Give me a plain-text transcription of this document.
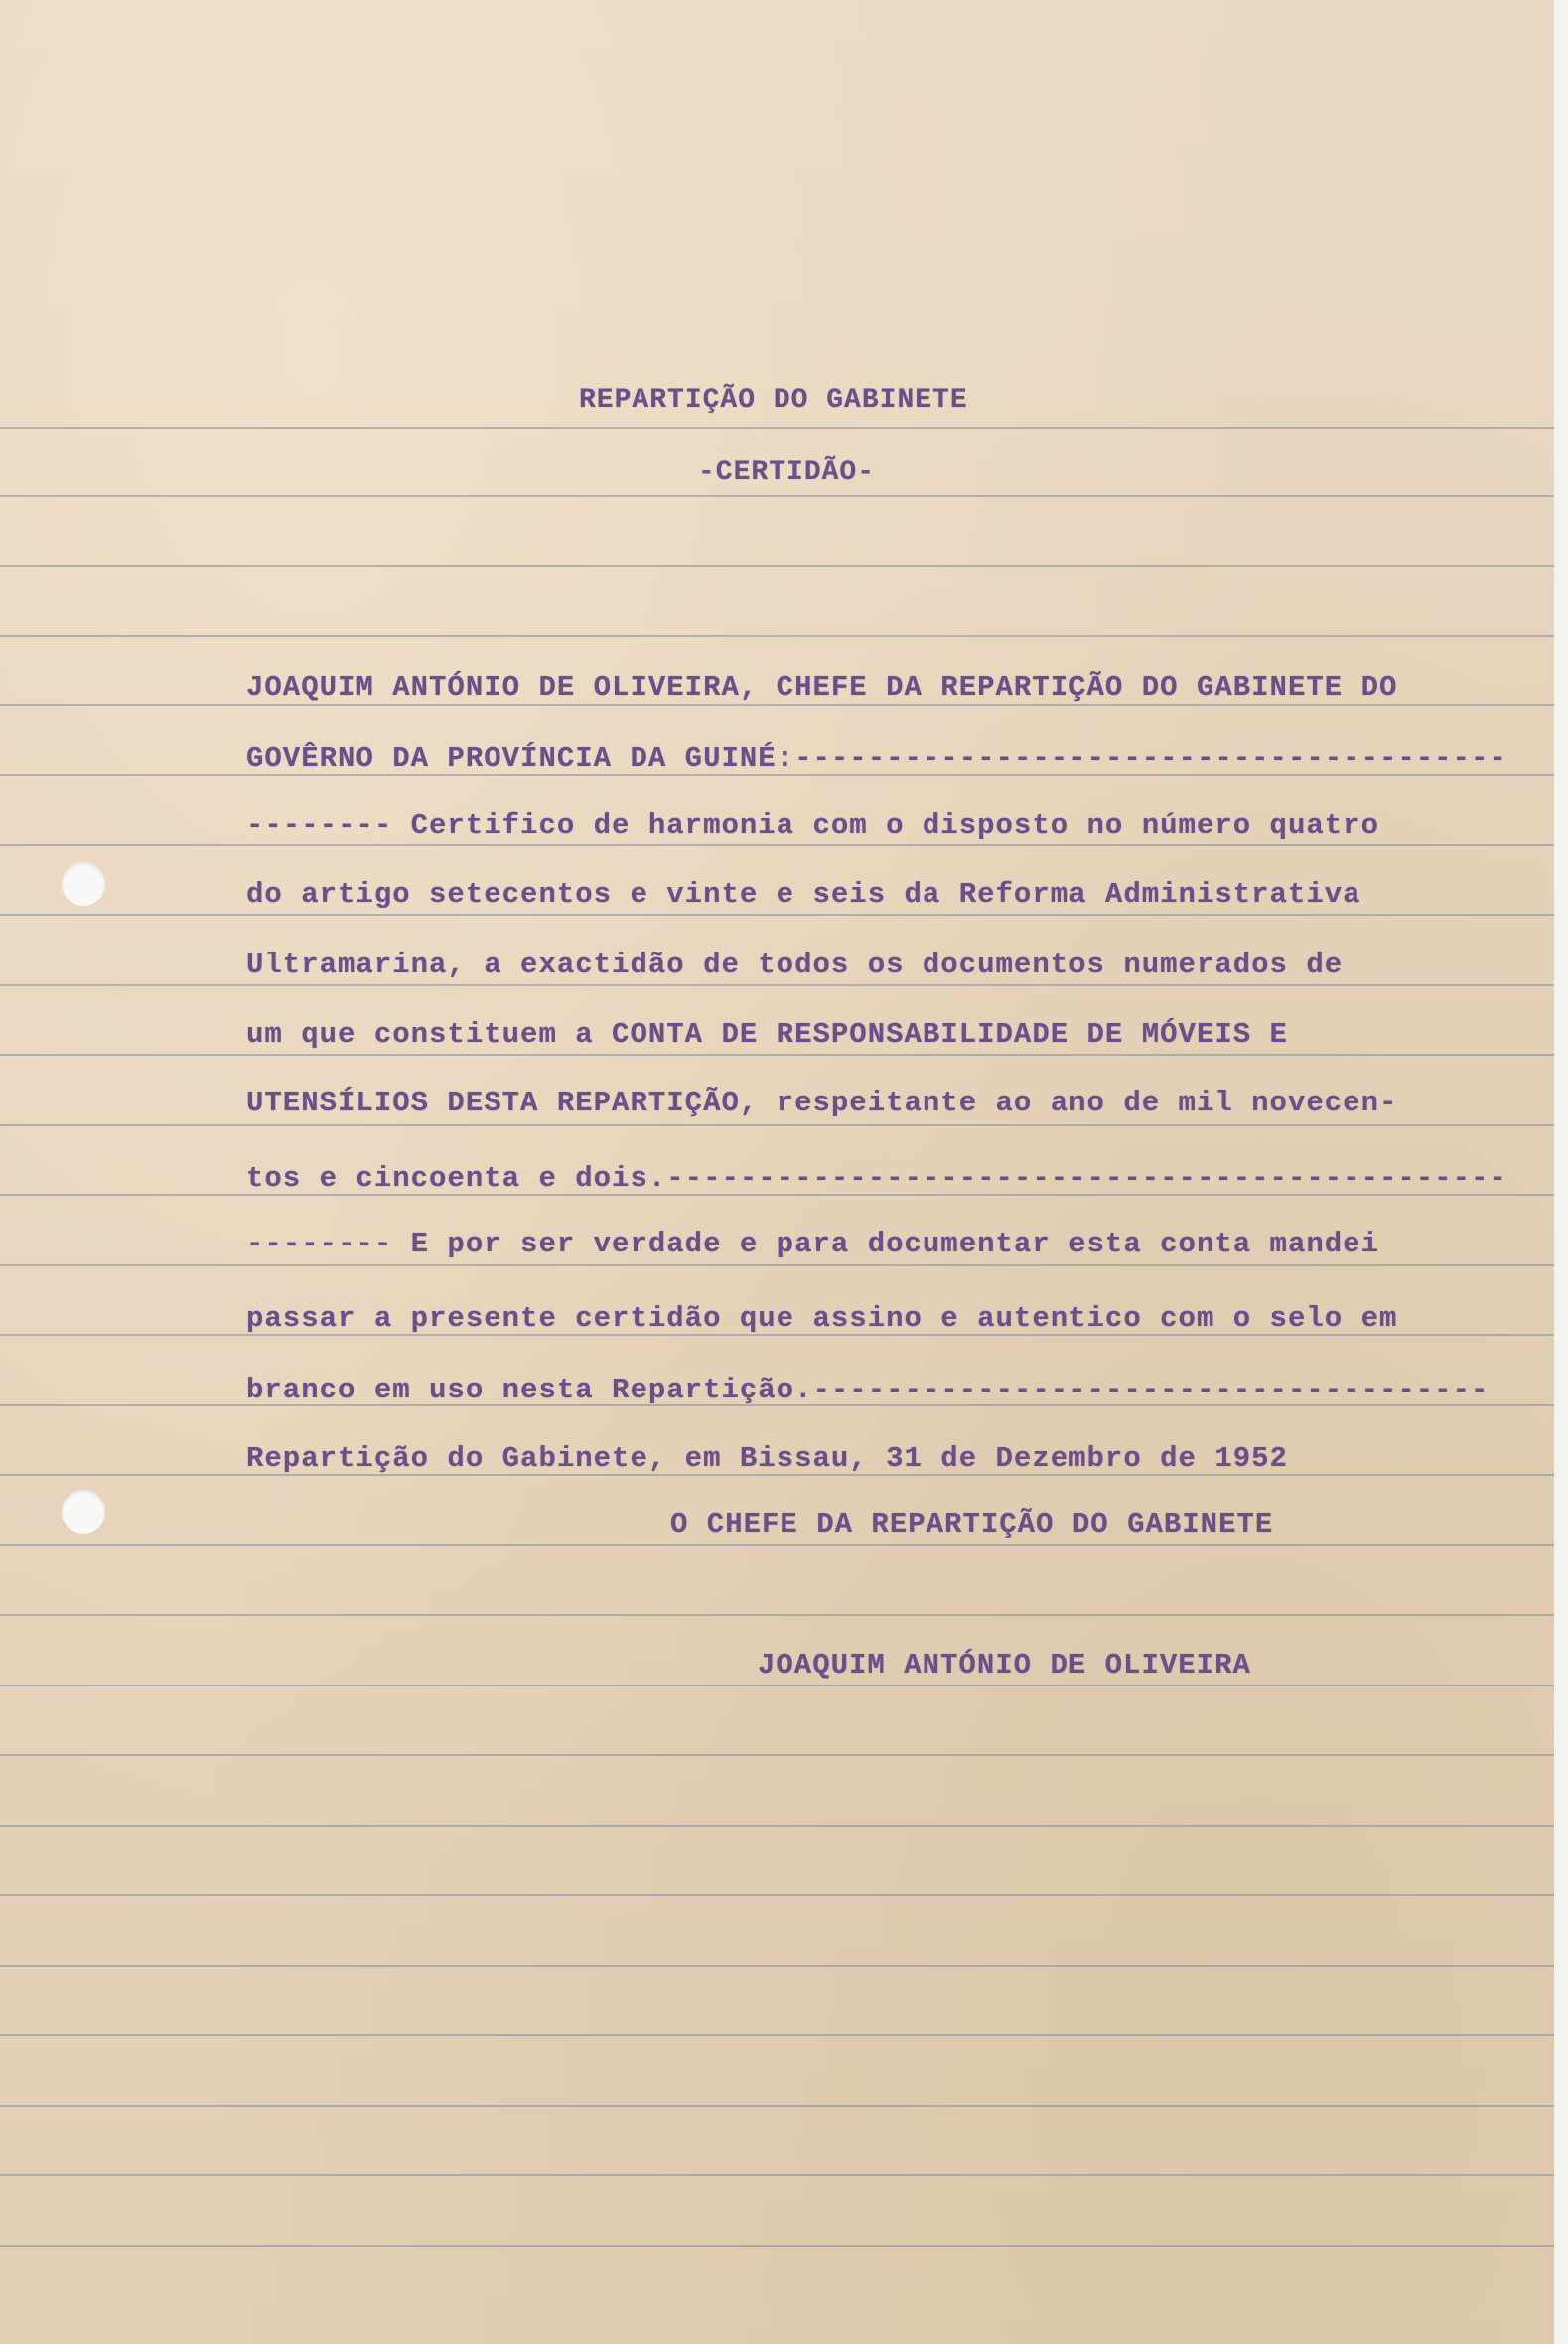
REPARTIÇÃO DO GABINETE
-CERTIDÃO-
JOAQUIM ANTÓNIO DE OLIVEIRA, CHEFE DA REPARTIÇÃO DO GABINETE DO
GOVÊRNO DA PROVÍNCIA DA GUINÉ:---------------------------------------
-------- Certifico de harmonia com o disposto no número quatro
do artigo setecentos e vinte e seis da Reforma Administrativa
Ultramarina, a exactidão de todos os documentos numerados de
um que constituem a CONTA DE RESPONSABILIDADE DE MÓVEIS E
UTENSÍLIOS DESTA REPARTIÇÃO, respeitante ao ano de mil novecen-
tos e cincoenta e dois.----------------------------------------------
-------- E por ser verdade e para documentar esta conta mandei
passar a presente certidão que assino e autentico com o selo em
branco em uso nesta Repartição.-------------------------------------
Repartição do Gabinete, em Bissau, 31 de Dezembro de 1952
O CHEFE DA REPARTIÇÃO DO GABINETE
JOAQUIM ANTÓNIO DE OLIVEIRA
